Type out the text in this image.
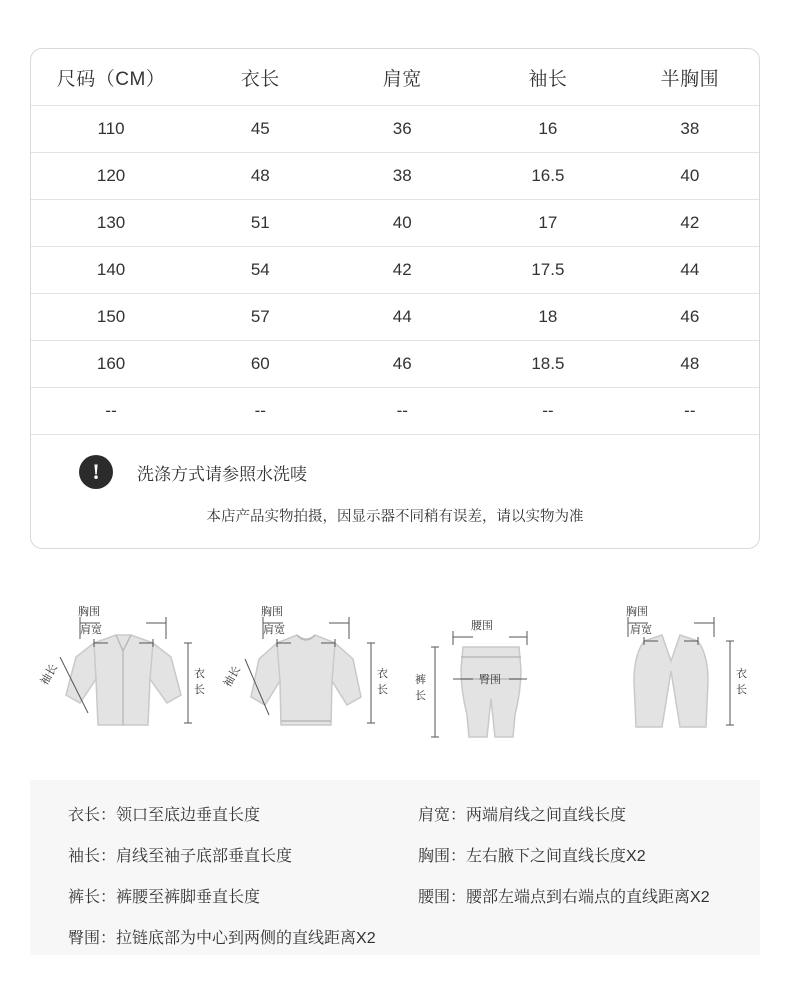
尺码（CM）	衣长	肩宽	袖长	半胸围
110	45	36	16	38
120	48	38	16.5	40
130	51	40	17	42
140	54	42	17.5	44
150	57	44	18	46
160	60	46	18.5	48
--	--	--	--	--
!	洗涤方式请参照水洗唛
本店产品实物拍摄，因显示器不同稍有误差，请以实物为准
胸围
肩宽
袖长	衣
长
胸围
肩宽
袖长	衣
长
腰围
臀围
裤
长
胸围
肩宽
衣
长
衣长： 领口至底边垂直长度	肩宽： 两端肩线之间直线长度
袖长： 肩线至袖子底部垂直长度	胸围： 左右腋下之间直线长度X2
裤长： 裤腰至裤脚垂直长度	腰围： 腰部左端点到右端点的直线距离X2
臀围： 拉链底部为中心到两侧的直线距离X2
